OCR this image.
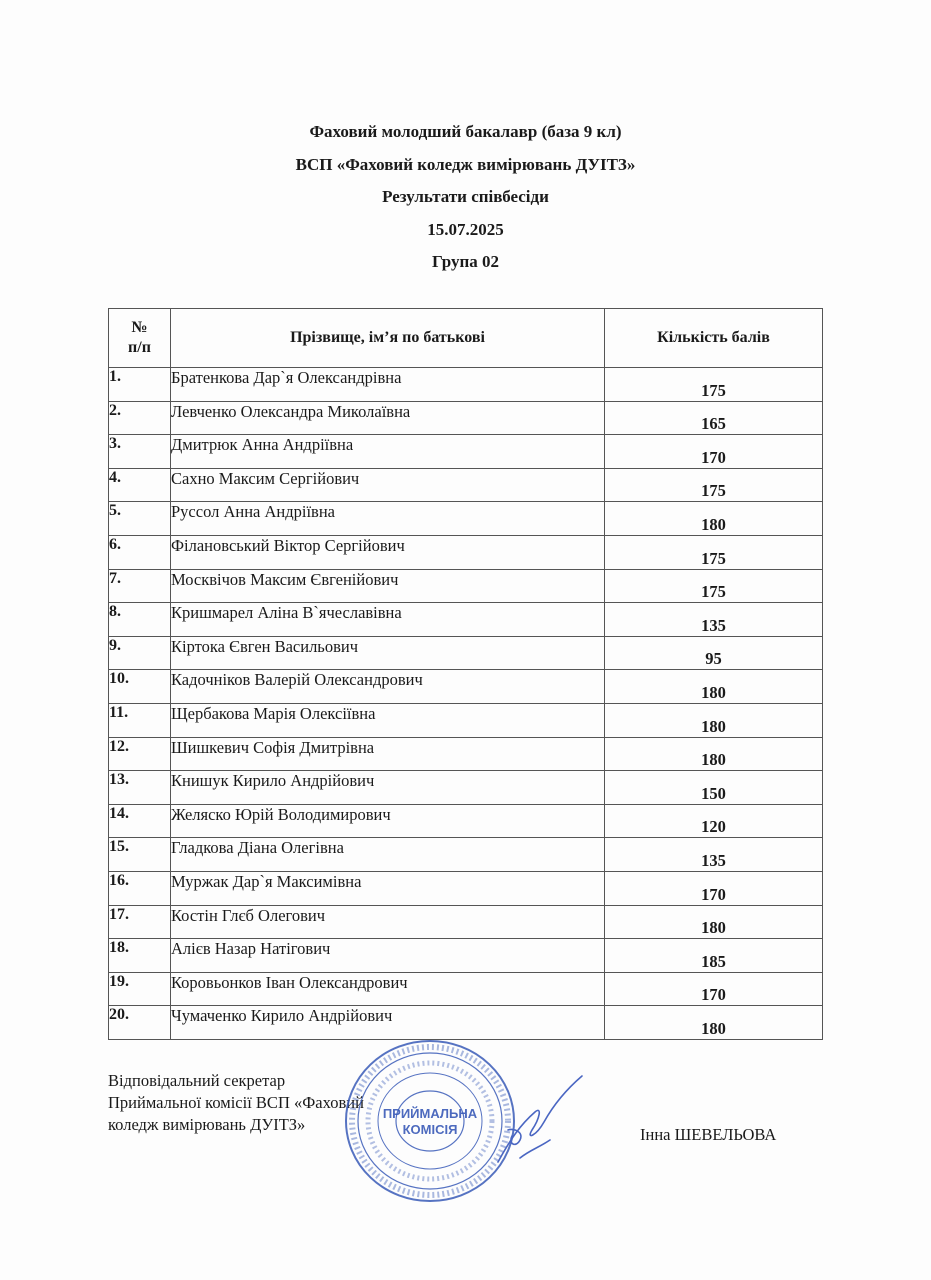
Фаховий молодший бакалавр (база 9 кл)
ВСП «Фаховий коледж вимірювань ДУІТЗ»
Результати співбесіди
15.07.2025
Група 02
№
п/п	Прізвище, ім’я по батькові	Кількість балів
1.	Братенкова Дар`я Олександрівна	175
2.	Левченко Олександра Миколаївна	165
3.	Дмитрюк Анна Андріївна	170
4.	Сахно Максим Сергійович	175
5.	Руссол Анна Андріївна	180
6.	Філановський Віктор Сергійович	175
7.	Москвічов Максим Євгенійович	175
8.	Кришмарел Аліна В`ячеславівна	135
9.	Кіртока Євген Васильович	95
10.	Кадочніков Валерій Олександрович	180
11.	Щербакова Марія Олексіївна	180
12.	Шишкевич Софія Дмитрівна	180
13.	Книшук Кирило Андрійович	150
14.	Желяско Юрій Володимирович	120
15.	Гладкова Діана Олегівна	135
16.	Муржак Дар`я Максимівна	170
17.	Костін Глєб Олегович	180
18.	Алієв Назар Натігович	185
19.	Коровьонков Іван Олександрович	170
20.	Чумаченко Кирило Андрійович	180
Відповідальний секретар
Приймальної комісії ВСП «Фаховий
коледж вимірювань ДУІТЗ»
ПРИЙМАЛЬНА
КОМІСІЯ	Інна ШЕВЕЛЬОВА
